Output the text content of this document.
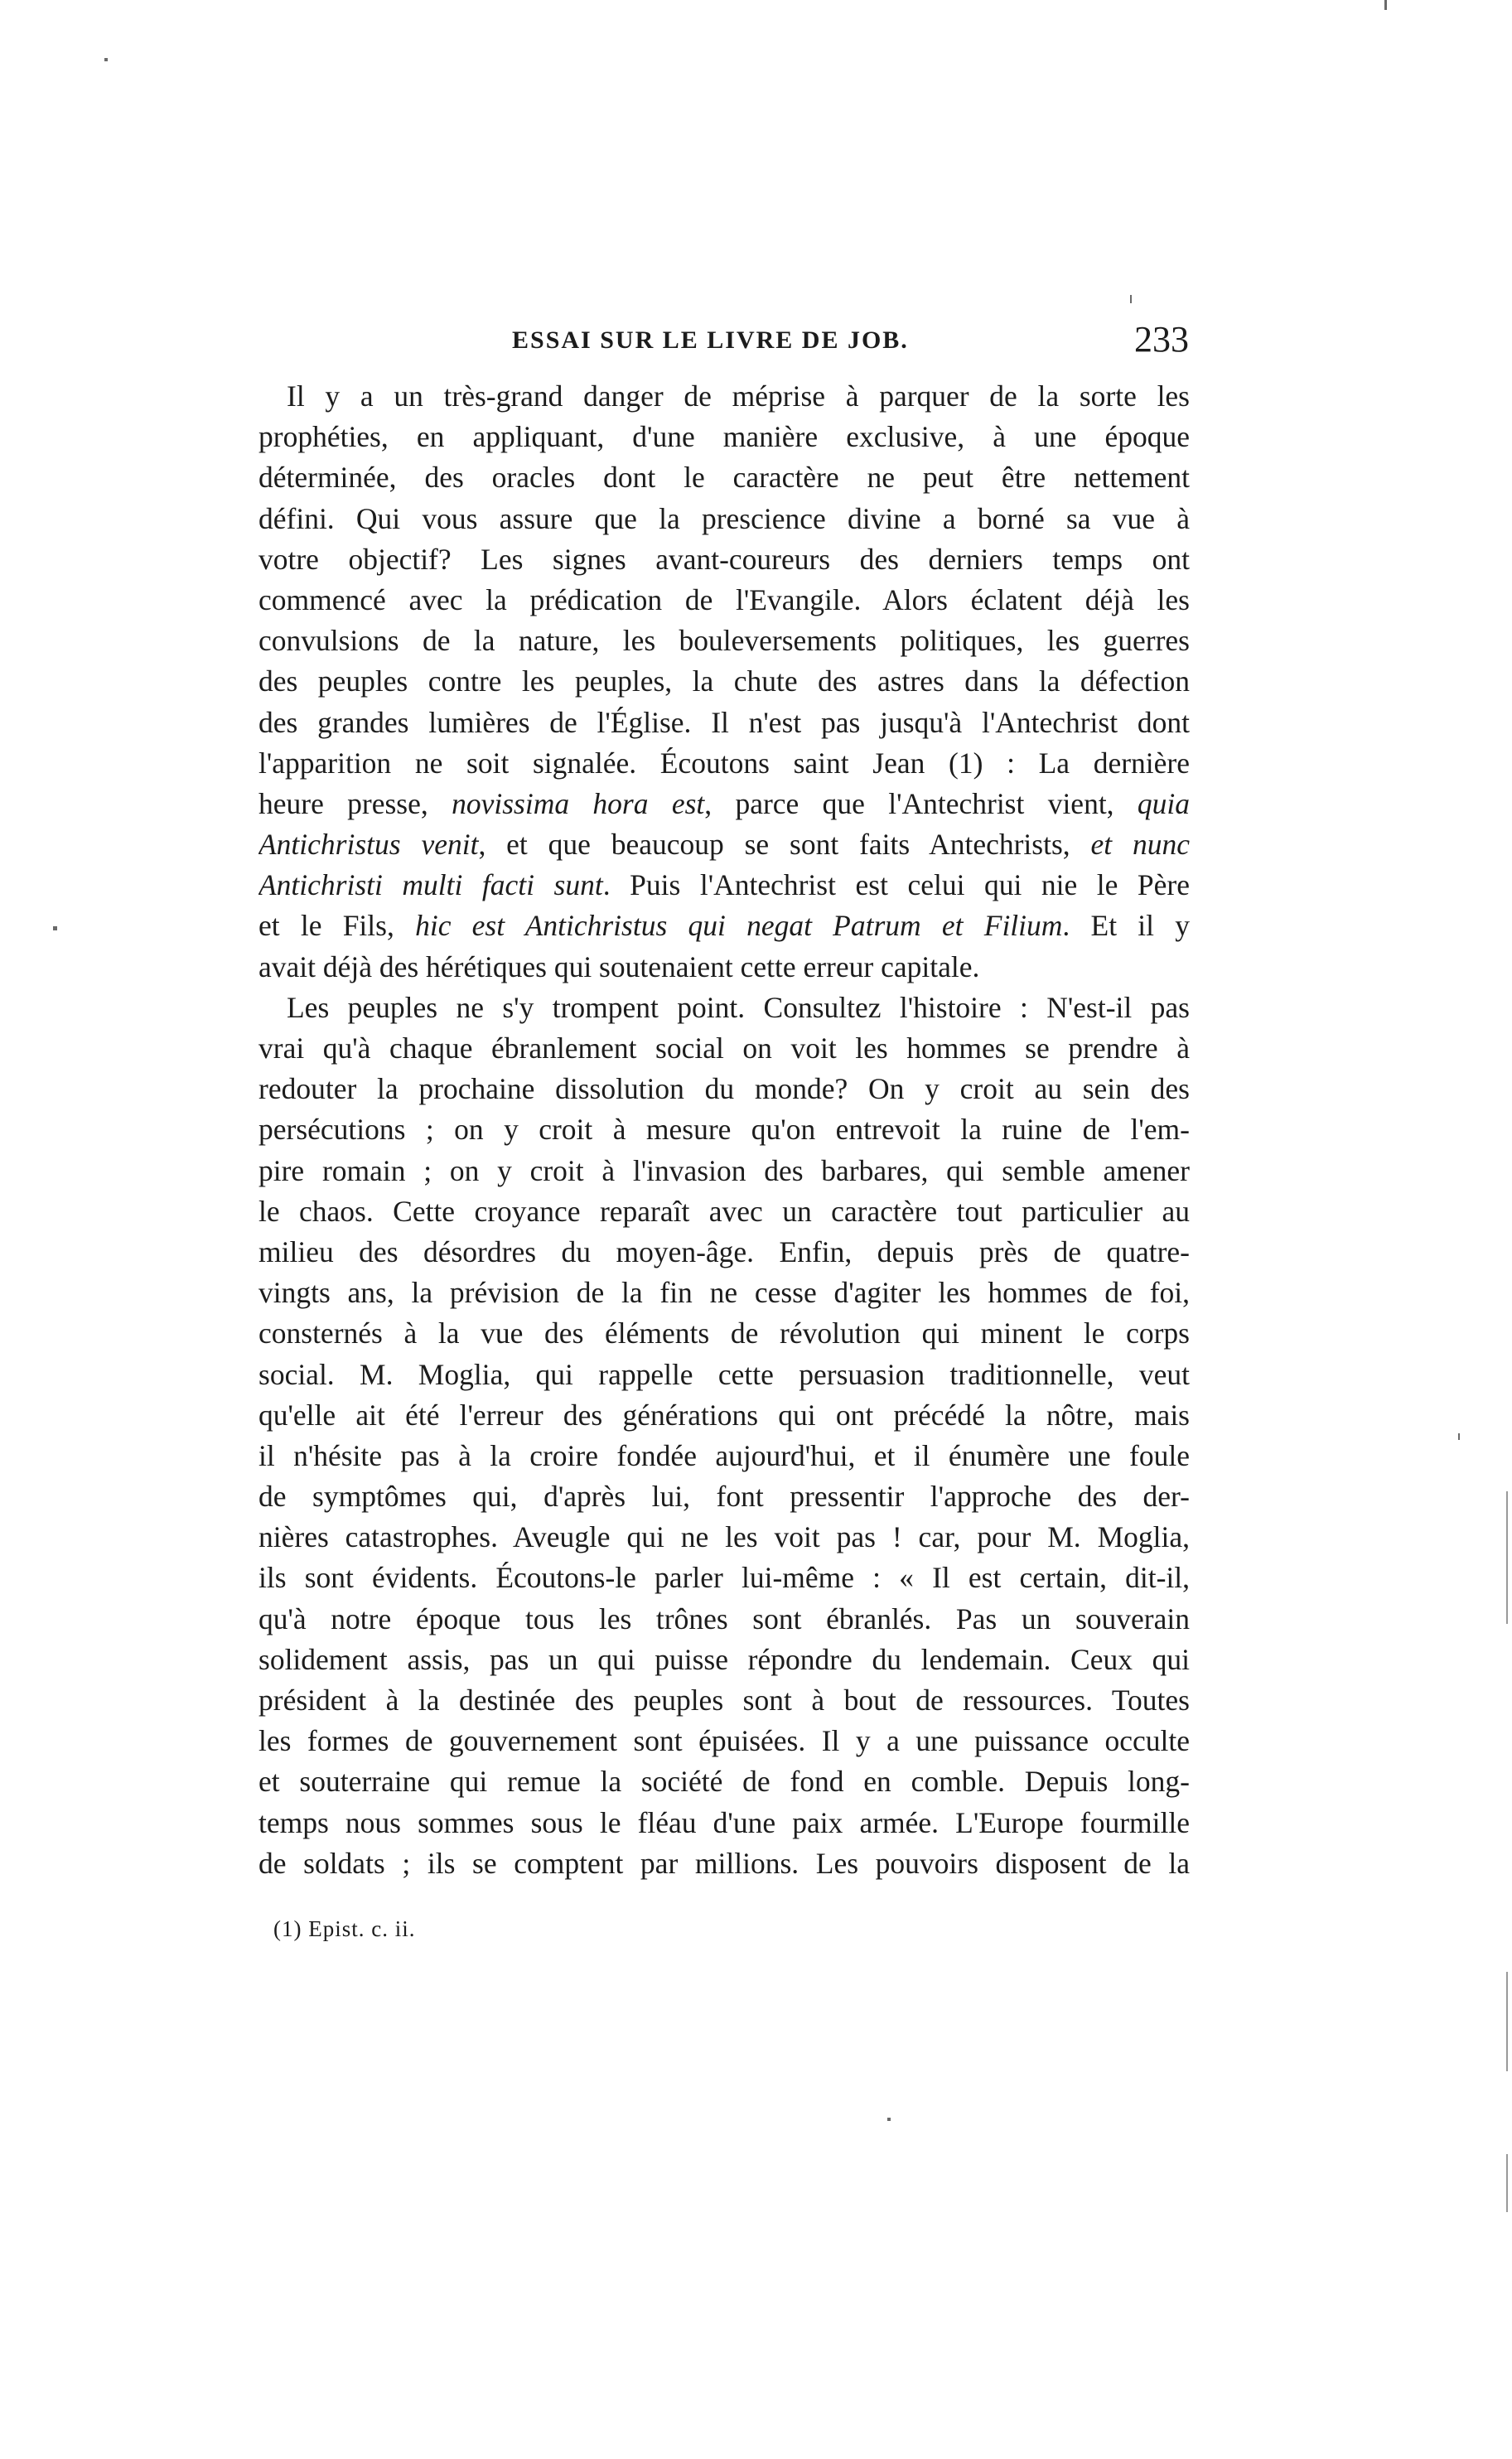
ESSAI SUR LE LIVRE DE JOB.	233
Il y a un très-grand danger de méprise à parquer de la sorte les
prophéties, en appliquant, d'une manière exclusive, à une époque
déterminée, des oracles dont le caractère ne peut être nettement
défini. Qui vous assure que la prescience divine a borné sa vue à
votre objectif? Les signes avant-coureurs des derniers temps ont
commencé avec la prédication de l'Evangile. Alors éclatent déjà les
convulsions de la nature, les bouleversements politiques, les guerres
des peuples contre les peuples, la chute des astres dans la défection
des grandes lumières de l'Église. Il n'est pas jusqu'à l'Antechrist dont
l'apparition ne soit signalée. Écoutons saint Jean (1) : La dernière
heure presse, novissima hora est, parce que l'Antechrist vient, quia
Antichristus venit, et que beaucoup se sont faits Antechrists, et nunc
Antichristi multi facti sunt. Puis l'Antechrist est celui qui nie le Père
et le Fils, hic est Antichristus qui negat Patrum et Filium. Et il y
avait déjà des hérétiques qui soutenaient cette erreur capitale.
Les peuples ne s'y trompent point. Consultez l'histoire : N'est-il pas
vrai qu'à chaque ébranlement social on voit les hommes se prendre à
redouter la prochaine dissolution du monde? On y croit au sein des
persécutions ; on y croit à mesure qu'on entrevoit la ruine de l'em-
pire romain ; on y croit à l'invasion des barbares, qui semble amener
le chaos. Cette croyance reparaît avec un caractère tout particulier au
milieu des désordres du moyen-âge. Enfin, depuis près de quatre-
vingts ans, la prévision de la fin ne cesse d'agiter les hommes de foi,
consternés à la vue des éléments de révolution qui minent le corps
social. M. Moglia, qui rappelle cette persuasion traditionnelle, veut
qu'elle ait été l'erreur des générations qui ont précédé la nôtre, mais
il n'hésite pas à la croire fondée aujourd'hui, et il énumère une foule
de symptômes qui, d'après lui, font pressentir l'approche des der-
nières catastrophes. Aveugle qui ne les voit pas ! car, pour M. Moglia,
ils sont évidents. Écoutons-le parler lui-même : « Il est certain, dit-il,
qu'à notre époque tous les trônes sont ébranlés. Pas un souverain
solidement assis, pas un qui puisse répondre du lendemain. Ceux qui
président à la destinée des peuples sont à bout de ressources. Toutes
les formes de gouvernement sont épuisées. Il y a une puissance occulte
et souterraine qui remue la société de fond en comble. Depuis long-
temps nous sommes sous le fléau d'une paix armée. L'Europe fourmille
de soldats ; ils se comptent par millions. Les pouvoirs disposent de la
(1) Epist. c. ii.
